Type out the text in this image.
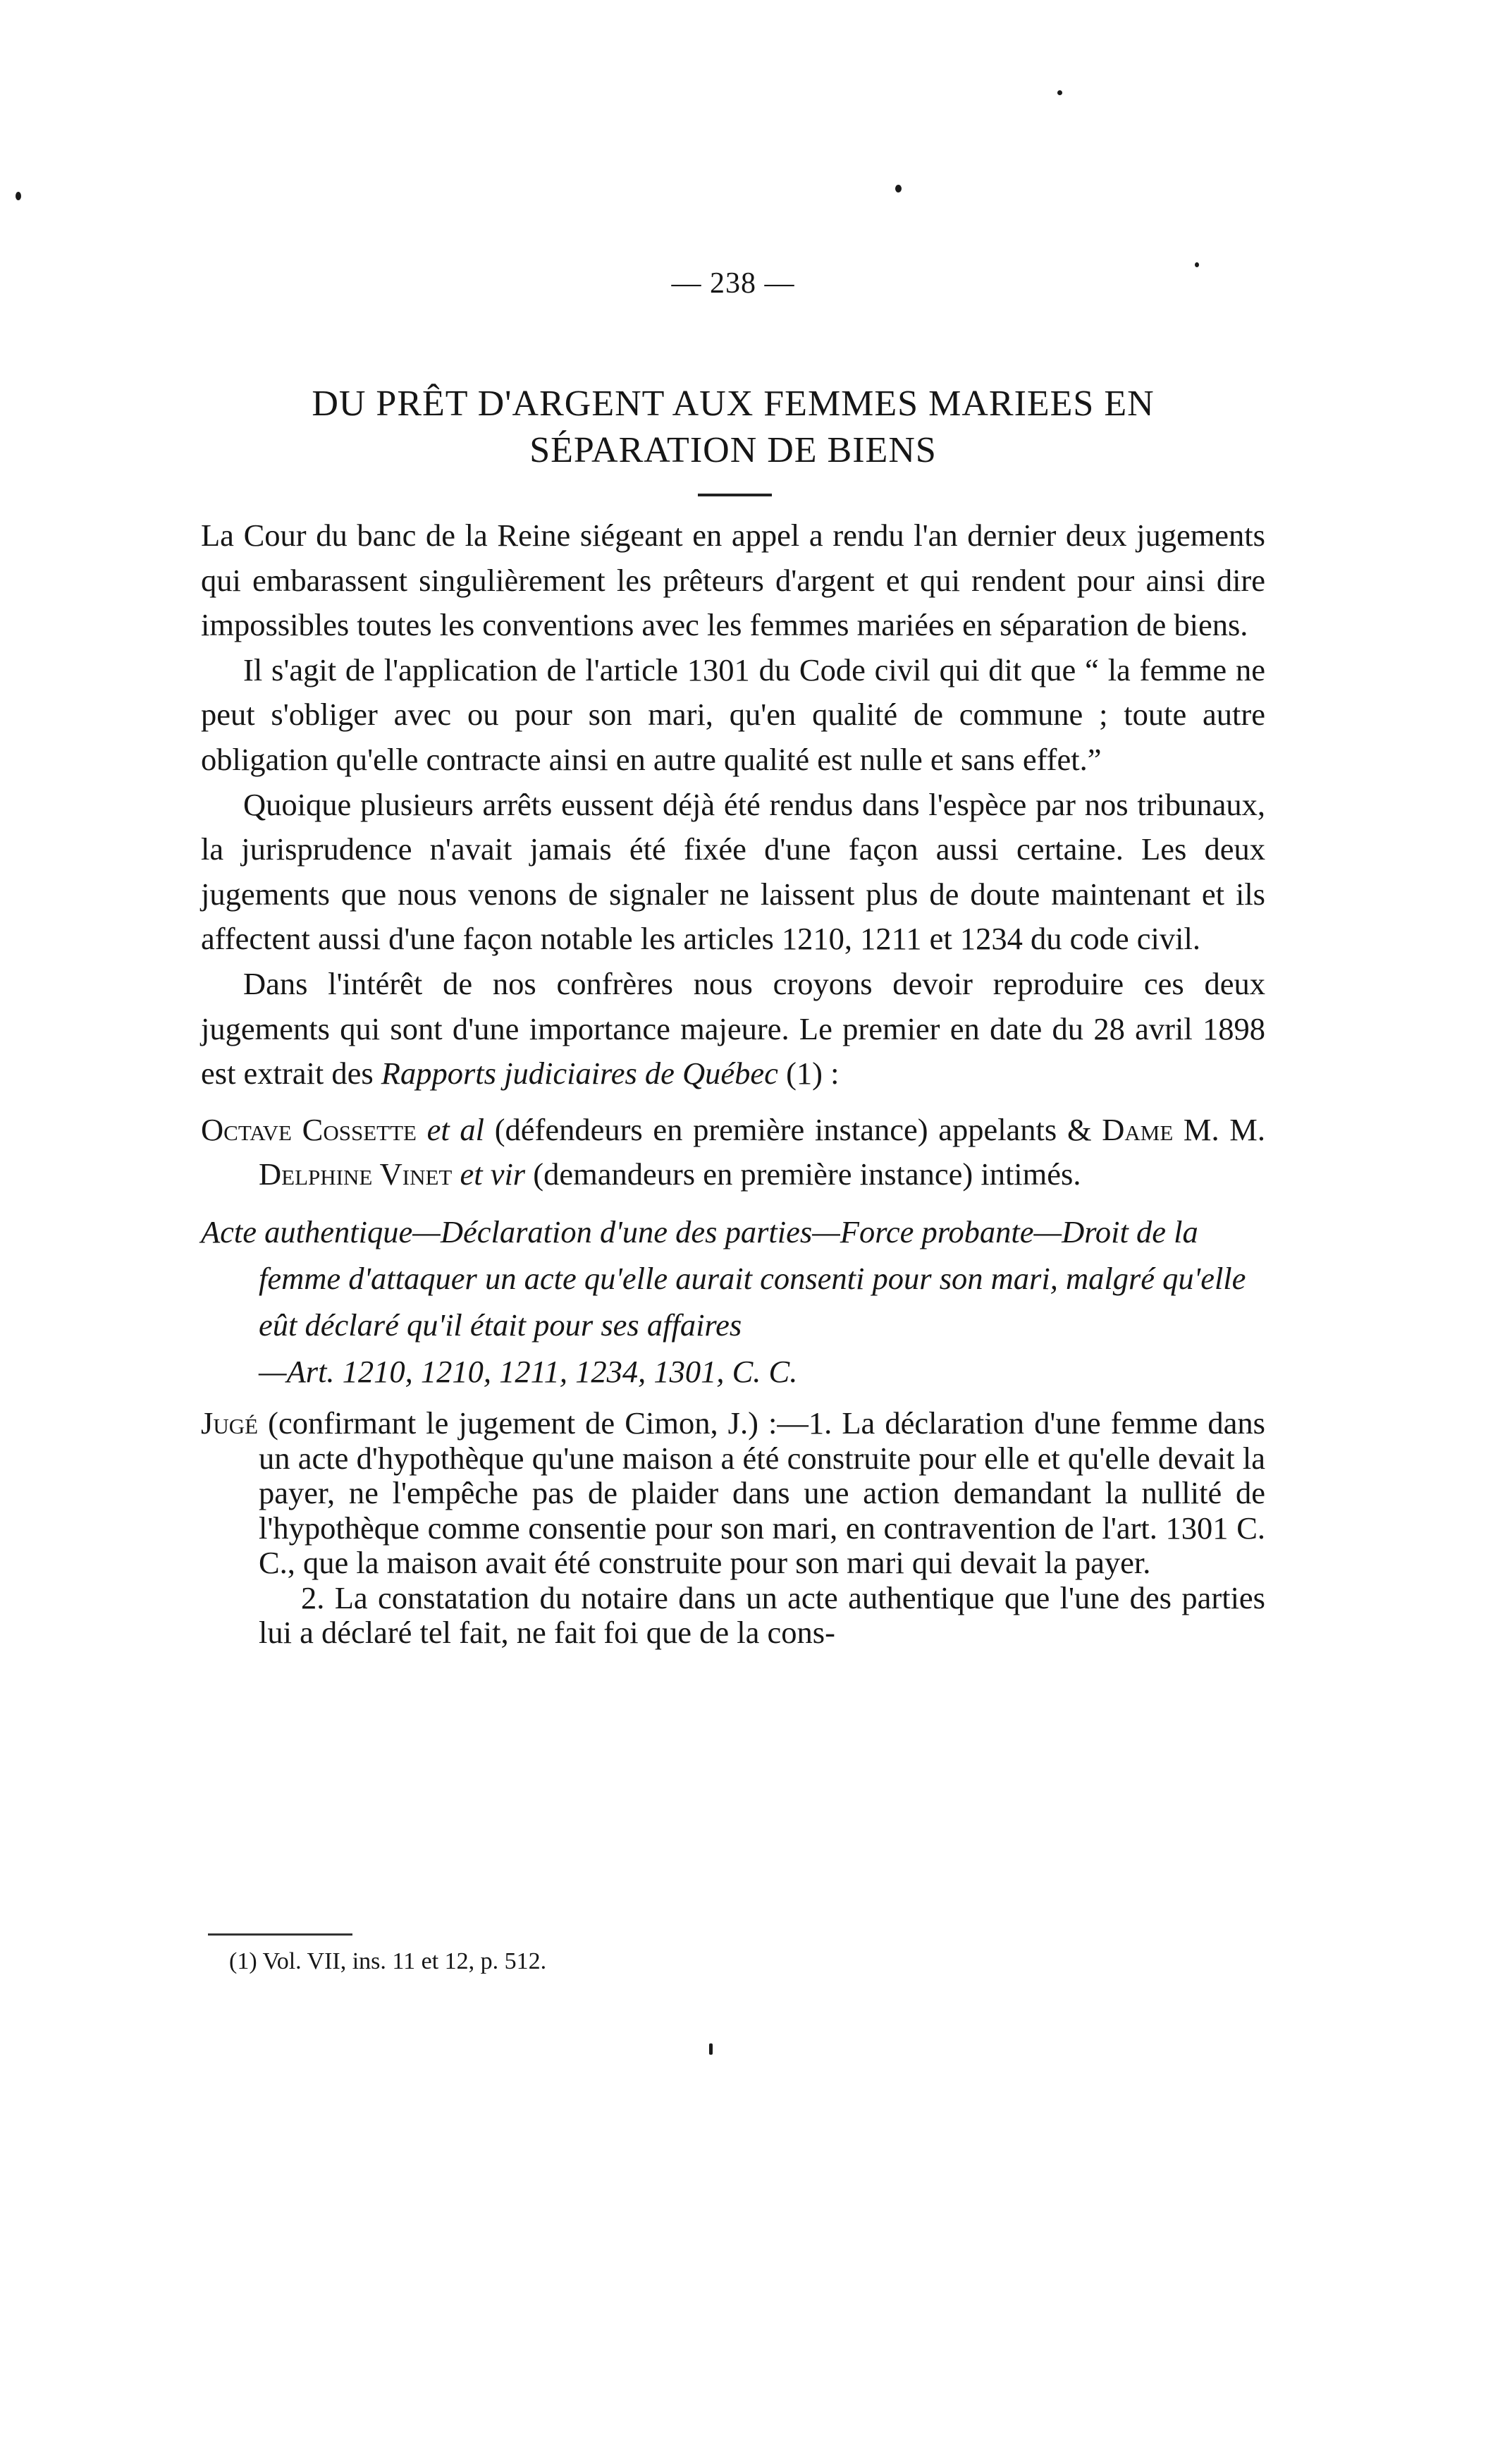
— 238 —
DU PRÊT D'ARGENT AUX FEMMES MARIEES EN
SÉPARATION DE BIENS

La Cour du banc de la Reine siégeant en appel a rendu l'an dernier deux jugements qui embarassent singulièrement les prêteurs d'argent et qui rendent pour ainsi dire impossibles toutes les conventions avec les femmes mariées en séparation de biens.

Il s'agit de l'application de l'article 1301 du Code civil qui dit que “ la femme ne peut s'obliger avec ou pour son mari, qu'en qualité de commune ; toute autre obligation qu'elle contracte ainsi en autre qualité est nulle et sans effet.”

Quoique plusieurs arrêts eussent déjà été rendus dans l'espèce par nos tribunaux, la jurisprudence n'avait jamais été fixée d'une façon aussi certaine. Les deux jugements que nous venons de signaler ne laissent plus de doute maintenant et ils affectent aussi d'une façon notable les articles 1210, 1211 et 1234 du code civil.

Dans l'intérêt de nos confrères nous croyons devoir reproduire ces deux jugements qui sont d'une importance majeure. Le premier en date du 28 avril 1898 est extrait des Rapports judiciaires de Québec (1) :

Octave Cossette et al (défendeurs en première instance) appelants & Dame M. M. Delphine Vinet et vir (demandeurs en première instance) intimés.

Acte authentique—Déclaration d'une des parties—Force probante—Droit de la femme d'attaquer un acte qu'elle aurait consenti pour son mari, malgré qu'elle eût déclaré qu'il était pour ses affaires
—Art. 1210, 1210, 1211, 1234, 1301, C. C.

Jugé (confirmant le jugement de Cimon, J.) :—1. La déclaration d'une femme dans un acte d'hypothèque qu'une maison a été construite pour elle et qu'elle devait la payer, ne l'empêche pas de plaider dans une action demandant la nullité de l'hypothèque comme consentie pour son mari, en contravention de l'art. 1301 C. C., que la maison avait été construite pour son mari qui devait la payer.

2. La constatation du notaire dans un acte authentique que l'une des parties lui a déclaré tel fait, ne fait foi que de la cons-

(1) Vol. VII, ins. 11 et 12, p. 512.
